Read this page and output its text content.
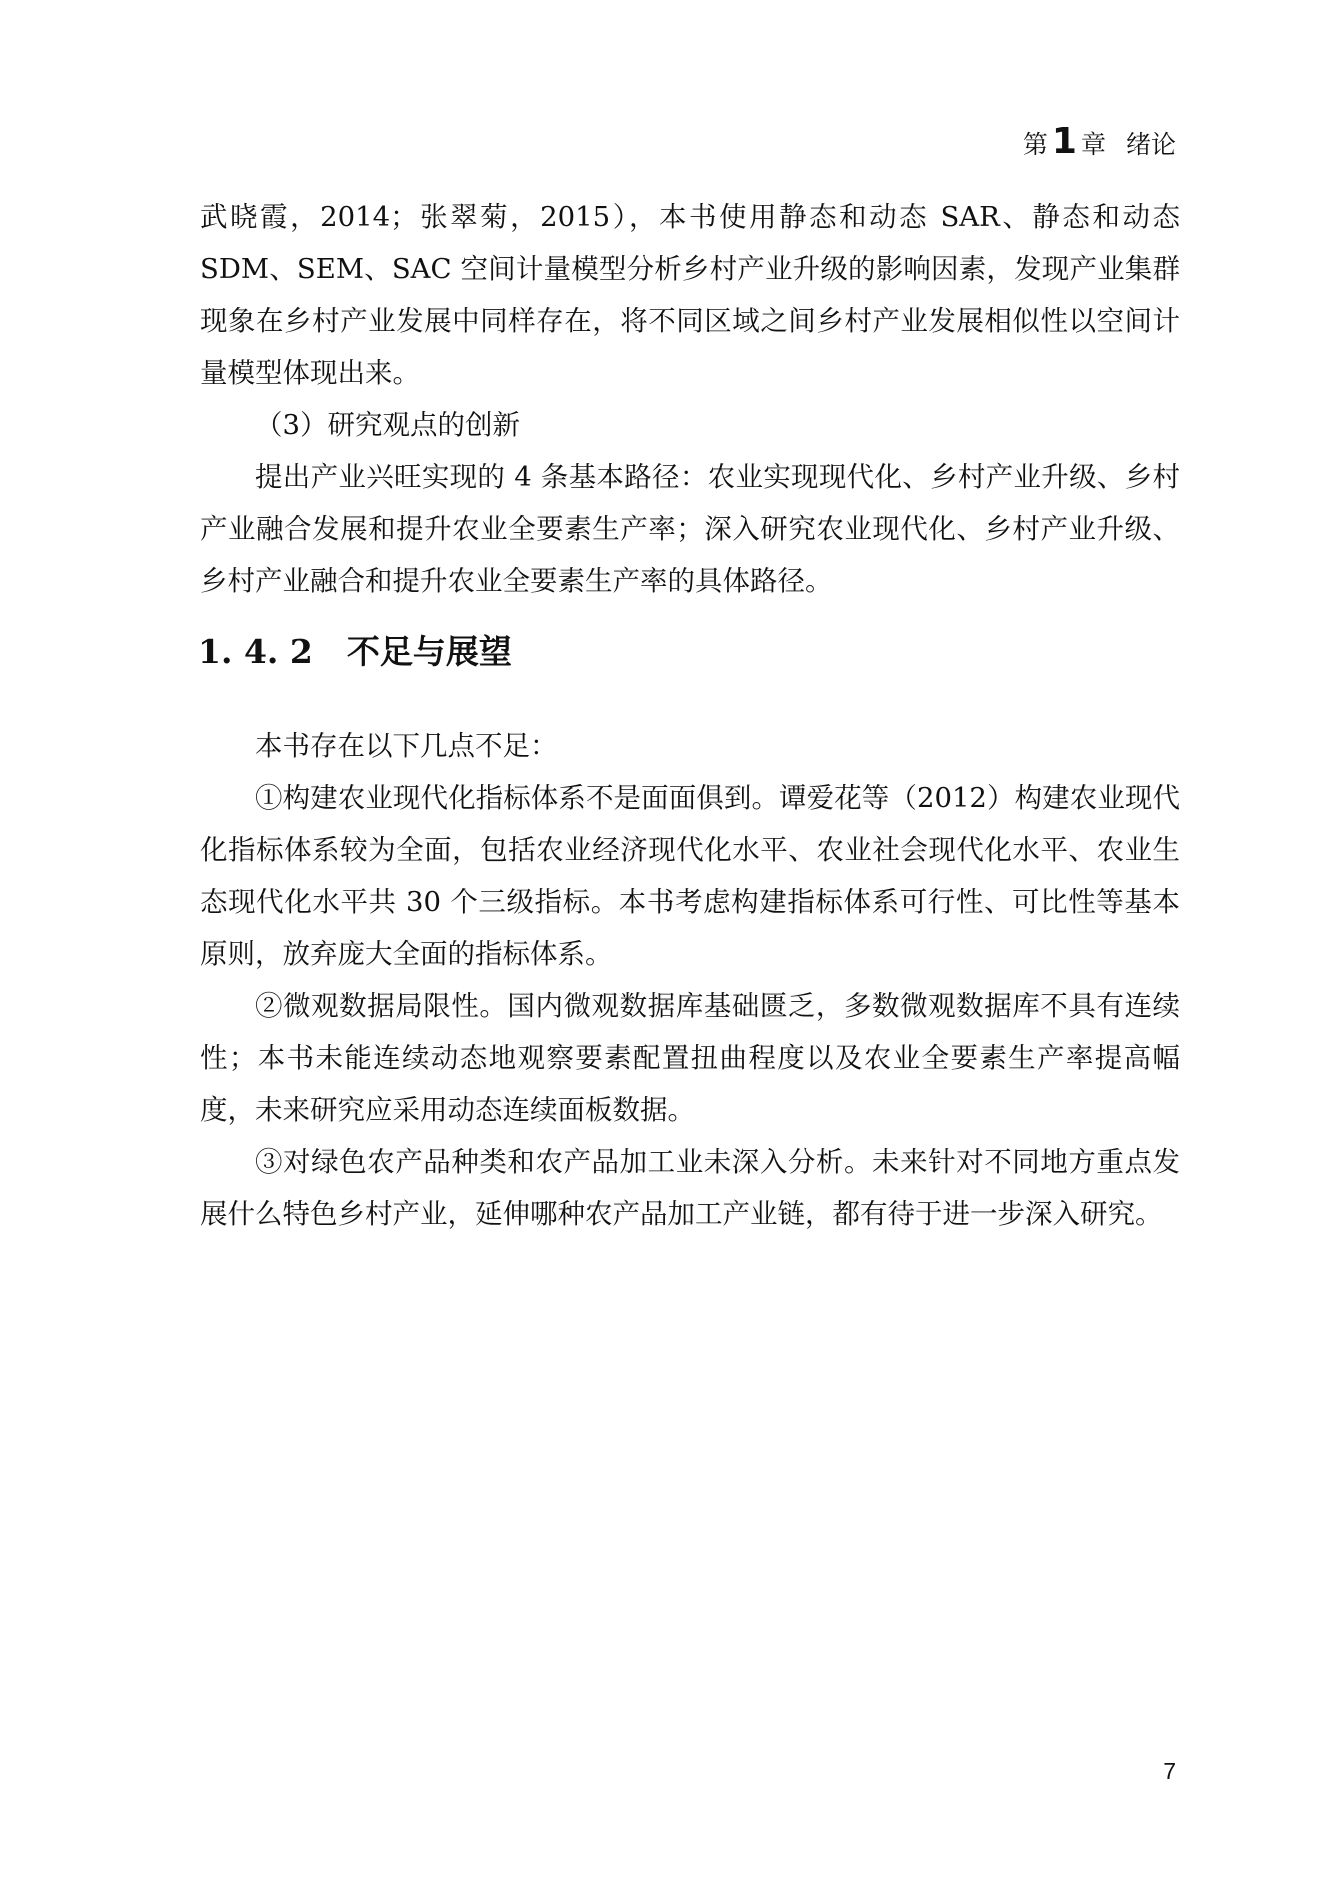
第 1 章 绪论

武晓霞，2014；张翠菊，2015），本书使用静态和动态 SAR、静态和动态 SDM、SEM、SAC 空间计量模型分析乡村产业升级的影响因素，发现产业集群现象在乡村产业发展中同样存在，将不同区域之间乡村产业发展相似性以空间计量模型体现出来。

（3）研究观点的创新

提出产业兴旺实现的 4 条基本路径：农业实现现代化、乡村产业升级、乡村产业融合发展和提升农业全要素生产率；深入研究农业现代化、乡村产业升级、乡村产业融合和提升农业全要素生产率的具体路径。

1. 4. 2 不足与展望

本书存在以下几点不足：

①构建农业现代化指标体系不是面面俱到。谭爱花等（2012）构建农业现代化指标体系较为全面，包括农业经济现代化水平、农业社会现代化水平、农业生态现代化水平共 30 个三级指标。本书考虑构建指标体系可行性、可比性等基本原则，放弃庞大全面的指标体系。

②微观数据局限性。国内微观数据库基础匮乏，多数微观数据库不具有连续性；本书未能连续动态地观察要素配置扭曲程度以及农业全要素生产率提高幅度，未来研究应采用动态连续面板数据。

③对绿色农产品种类和农产品加工业未深入分析。未来针对不同地方重点发展什么特色乡村产业，延伸哪种农产品加工产业链，都有待于进一步深入研究。

7
